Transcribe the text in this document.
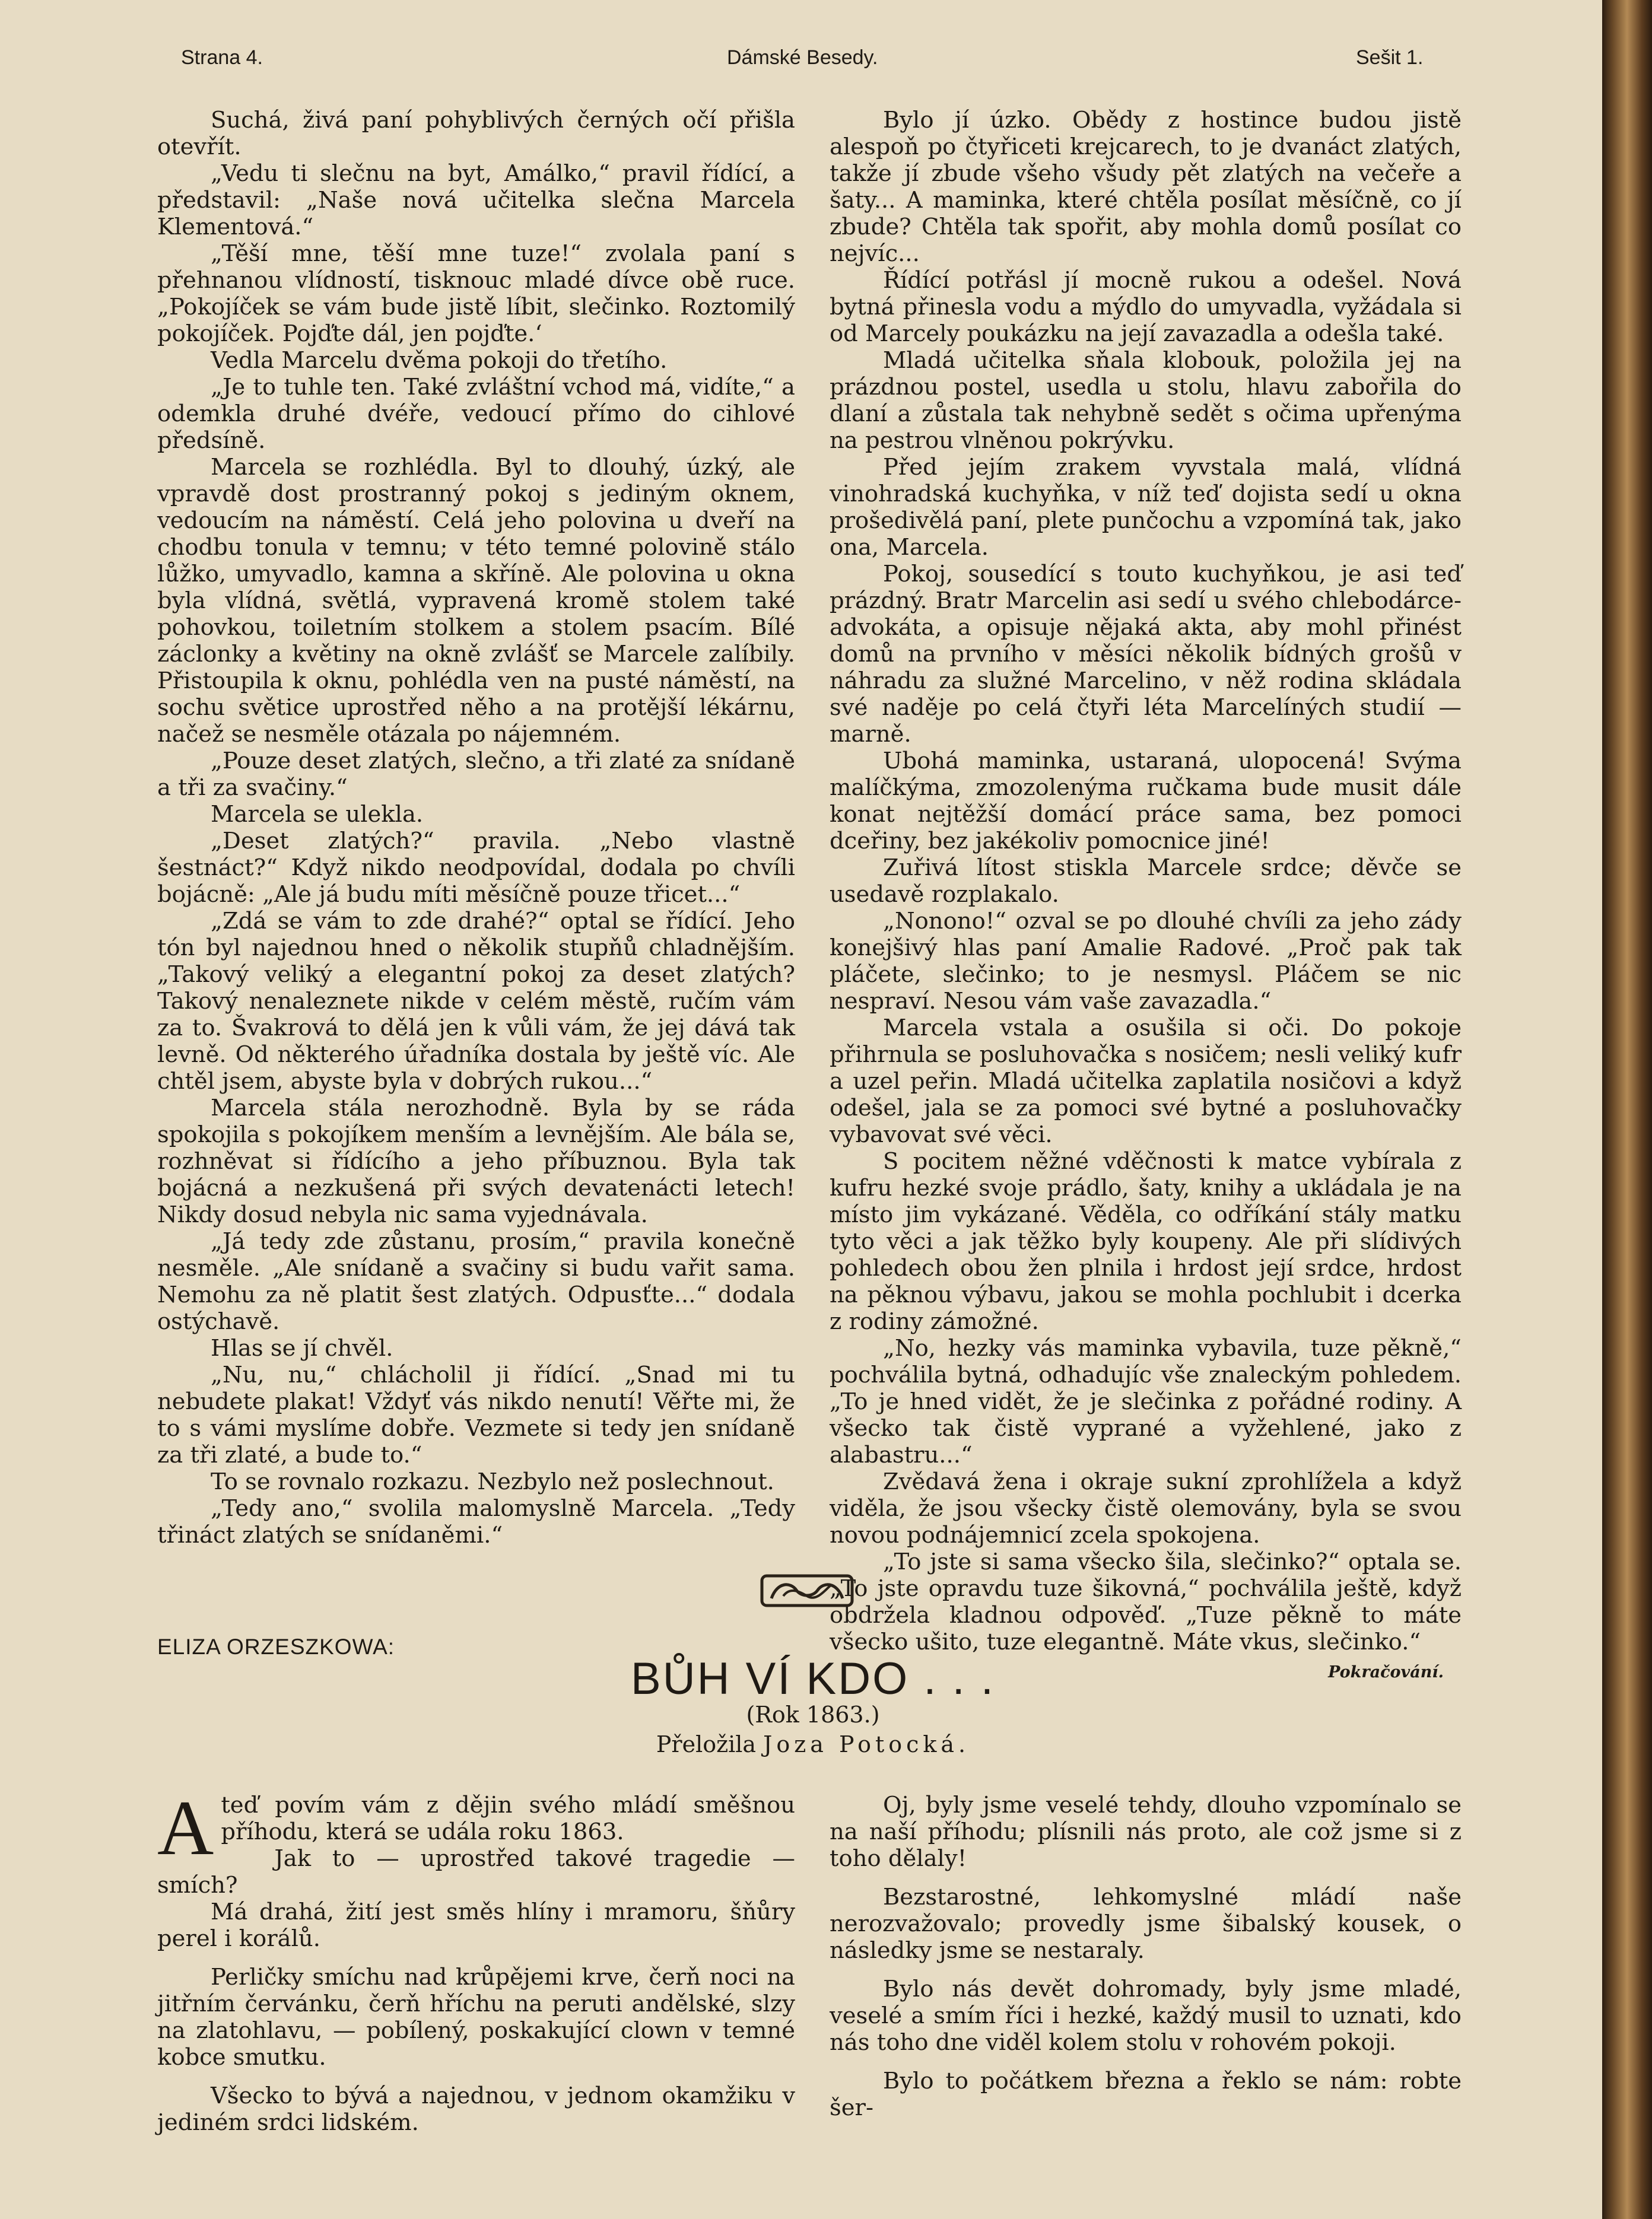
Strana 4.	Dámské Besedy.	Sešit 1.

Suchá, živá paní pohyblivých černých očí přišla otevřít.

„Vedu ti slečnu na byt, Amálko,“ pravil řídící, a představil: „Naše nová učitelka slečna Marcela Klementová.“

„Těší mne, těší mne tuze!“ zvolala paní s přehnanou vlídností, tisknouc mladé dívce obě ruce. „Pokojíček se vám bude jistě líbit, slečinko. Roztomilý pokojíček. Pojďte dál, jen pojďte.‘

Vedla Marcelu dvěma pokoji do třetího.

„Je to tuhle ten. Také zvláštní vchod má, vidíte,“ a odemkla druhé dvéře, vedoucí přímo do cihlové předsíně.

Marcela se rozhlédla. Byl to dlouhý, úzký, ale vpravdě dost prostranný pokoj s jediným oknem, vedoucím na náměstí. Celá jeho polovina u dveří na chodbu tonula v temnu; v této temné polovině stálo lůžko, umyvadlo, kamna a skříně. Ale polovina u okna byla vlídná, světlá, vypravená kromě stolem také pohovkou, toiletním stolkem a stolem psacím. Bílé záclonky a květiny na okně zvlášť se Marcele zalíbily. Přistoupila k oknu, pohlédla ven na pusté náměstí, na sochu světice uprostřed něho a na protější lékárnu, načež se nesměle otázala po nájemném.

„Pouze deset zlatých, slečno, a tři zlaté za snídaně a tři za svačiny.“

Marcela se ulekla.

„Deset zlatých?“ pravila. „Nebo vlastně šestnáct?“ Když nikdo neodpovídal, dodala po chvíli bojácně: „Ale já budu míti měsíčně pouze třicet...“

„Zdá se vám to zde drahé?“ optal se řídící. Jeho tón byl najednou hned o několik stupňů chladnějším. „Takový veliký a elegantní pokoj za deset zlatých? Takový nenaleznete nikde v celém městě, ručím vám za to. Švakrová to dělá jen k vůli vám, že jej dává tak levně. Od některého úřadníka dostala by ještě víc. Ale chtěl jsem, abyste byla v dobrých rukou...“

Marcela stála nerozhodně. Byla by se ráda spokojila s pokojíkem menším a levnějším. Ale bála se, rozhněvat si řídícího a jeho příbuznou. Byla tak bojácná a nezkušená při svých devatenácti letech! Nikdy dosud nebyla nic sama vyjednávala.

„Já tedy zde zůstanu, prosím,“ pravila konečně nesměle. „Ale snídaně a svačiny si budu vařit sama. Nemohu za ně platit šest zlatých. Odpusťte...“ dodala ostýchavě.

Hlas se jí chvěl.

„Nu, nu,“ chlácholil ji řídící. „Snad mi tu nebudete plakat! Vždyť vás nikdo nenutí! Věřte mi, že to s vámi myslíme dobře. Vezmete si tedy jen snídaně za tři zlaté, a bude to.“

To se rovnalo rozkazu. Nezbylo než poslechnout.

„Tedy ano,“ svolila malomyslně Marcela. „Tedy třináct zlatých se snídaněmi.“

Bylo jí úzko. Obědy z hostince budou jistě alespoň po čtyřiceti krejcarech, to je dvanáct zlatých, takže jí zbude všeho všudy pět zlatých na večeře a šaty... A maminka, které chtěla posílat měsíčně, co jí zbude? Chtěla tak spořit, aby mohla domů posílat co nejvíc...

Řídící potřásl jí mocně rukou a odešel. Nová bytná přinesla vodu a mýdlo do umyvadla, vyžádala si od Marcely poukázku na její zavazadla a odešla také.

Mladá učitelka sňala klobouk, položila jej na prázdnou postel, usedla u stolu, hlavu zabořila do dlaní a zůstala tak nehybně sedět s očima upřenýma na pestrou vlněnou pokrývku.

Před jejím zrakem vyvstala malá, vlídná vinohradská kuchyňka, v níž teď dojista sedí u okna prošedivělá paní, plete punčochu a vzpomíná tak, jako ona, Marcela.

Pokoj, sousedící s touto kuchyňkou, je asi teď prázdný. Bratr Marcelin asi sedí u svého chlebodárce- advokáta, a opisuje nějaká akta, aby mohl přinést domů na prvního v měsíci několik bídných grošů v náhradu za služné Marcelino, v něž rodina skládala své naděje po celá čtyři léta Marcelíných studií — marně.

Ubohá maminka, ustaraná, ulopocená! Svýma malíčkýma, zmozolenýma ručkama bude musit dále konat nejtěžší domácí práce sama, bez pomoci dceřiny, bez jakékoliv pomocnice jiné!

Zuřivá lítost stiskla Marcele srdce; děvče se usedavě rozplakalo.

„Nonono!“ ozval se po dlouhé chvíli za jeho zády konejšivý hlas paní Amalie Radové. „Proč pak tak pláčete, slečinko; to je nesmysl. Pláčem se nic nespraví. Nesou vám vaše zavazadla.“

Marcela vstala a osušila si oči. Do pokoje přihrnula se posluhovačka s nosičem; nesli veliký kufr a uzel peřin. Mladá učitelka zaplatila nosičovi a když odešel, jala se za pomoci své bytné a posluhovačky vybavovat své věci.

S pocitem něžné vděčnosti k matce vybírala z kufru hezké svoje prádlo, šaty, knihy a ukládala je na místo jim vykázané. Věděla, co odříkání stály matku tyto věci a jak těžko byly koupeny. Ale při slídivých pohledech obou žen plnila i hrdost její srdce, hrdost na pěknou výbavu, jakou se mohla pochlubit i dcerka z rodiny zámožné.

„No, hezky vás maminka vybavila, tuze pěkně,“ pochválila bytná, odhadujíc vše znaleckým pohledem. „To je hned vidět, že je slečinka z pořádné rodiny. A všecko tak čistě vyprané a vyžehlené, jako z alabastru...“

Zvědavá žena i okraje sukní zprohlížela a když viděla, že jsou všecky čistě olemovány, byla se svou novou podnájemnicí zcela spokojena.

„To jste si sama všecko šila, slečinko?“ optala se. „To jste opravdu tuze šikovná,“ pochválila ještě, když obdržela kladnou odpověď. „Tuze pěkně to máte všecko ušito, tuze elegantně. Máte vkus, slečinko.“

Pokračování.
ELIZA ORZESZKOWA:
BŮH VÍ KDO . . .
(Rok 1863.)
Přeložila Joza Potocká.

Ateď povím vám z dějin svého mládí směšnou příhodu, která se udála roku 1863.

Jak to — uprostřed takové tragedie — smích?

Má drahá, žití jest směs hlíny i mramoru, šňůry perel i korálů.

Perličky smíchu nad krůpějemi krve, čerň noci na jitřním červánku, čerň hříchu na peruti andělské, slzy na zlatohlavu, — pobílený, poskakující clown v temné kobce smutku.

Všecko to bývá a najednou, v jednom okamžiku v jediném srdci lidském.

Oj, byly jsme veselé tehdy, dlouho vzpomínalo se na naší příhodu; plísnili nás proto, ale což jsme si z toho dělaly!

Bezstarostné, lehkomyslné mládí naše nerozvažovalo; provedly jsme šibalský kousek, o následky jsme se nestaraly.

Bylo nás devět dohromady, byly jsme mladé, veselé a smím říci i hezké, každý musil to uznati, kdo nás toho dne viděl kolem stolu v rohovém pokoji.

Bylo to počátkem března a řeklo se nám: robte šer-
